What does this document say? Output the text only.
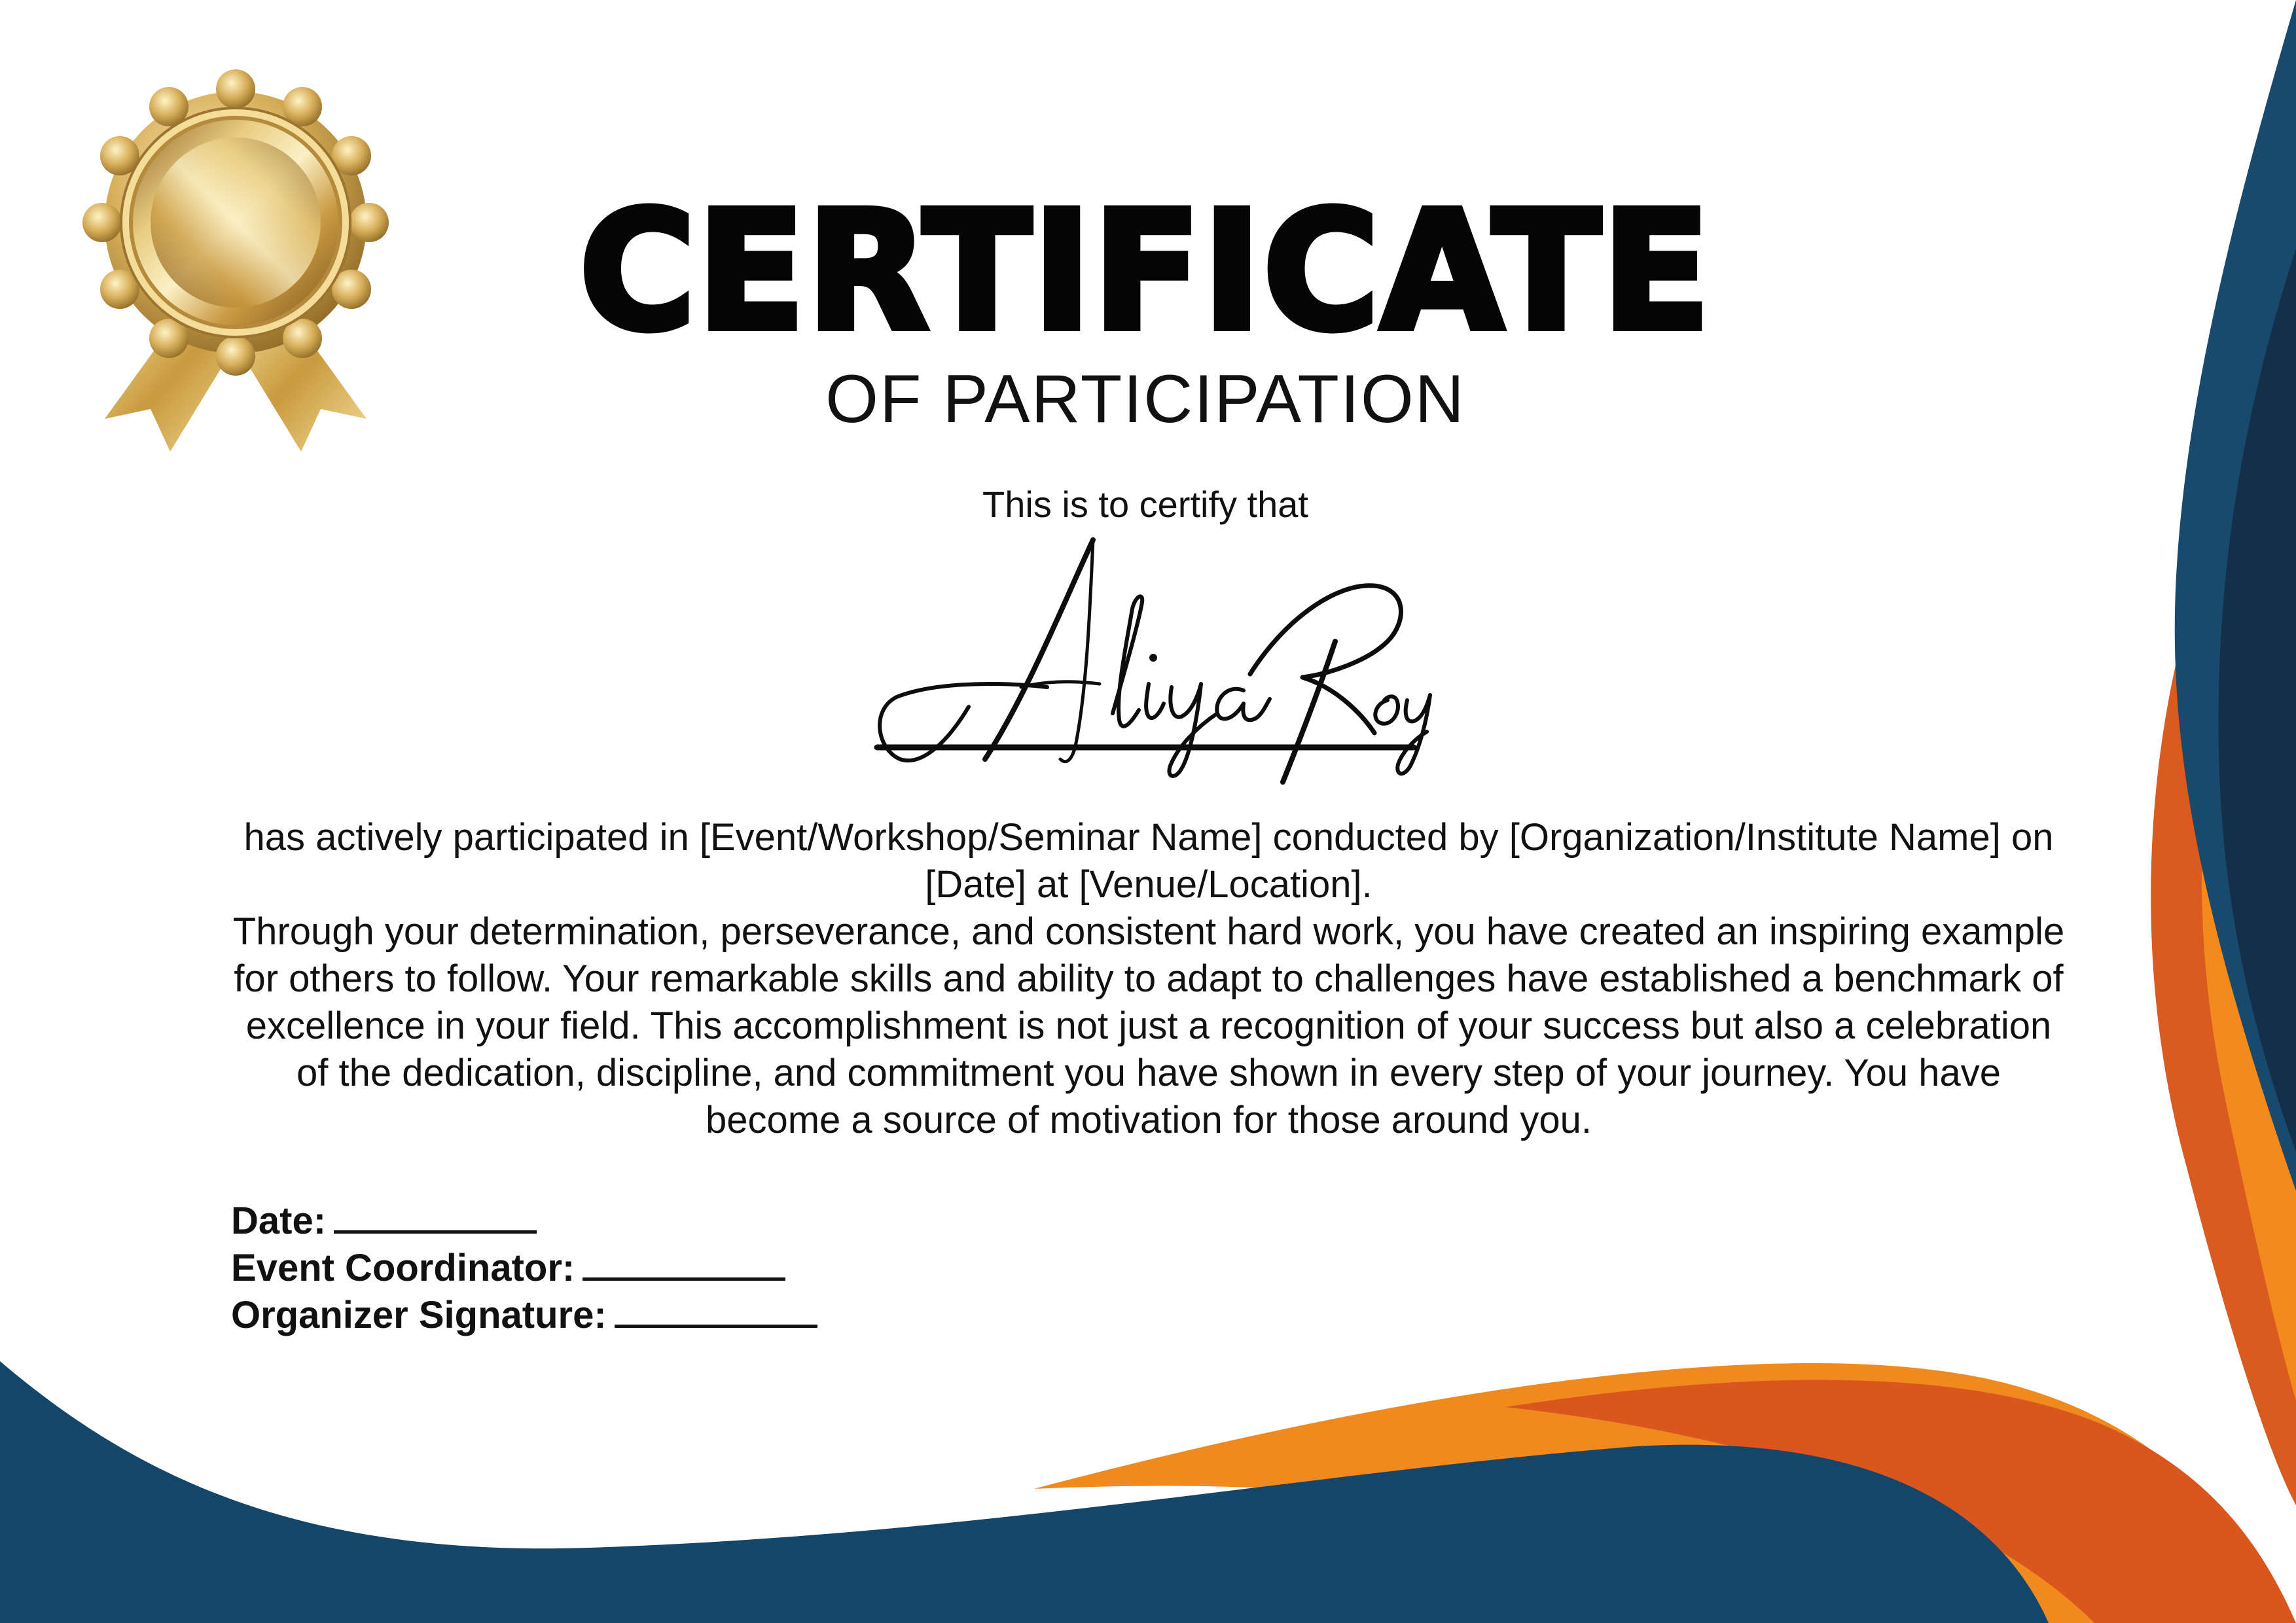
CERTIFICATE
OF PARTICIPATION
This is to certify that

has actively participated in [Event/Workshop/Seminar Name] conducted by [Organization/Institute Name] on [Date] at [Venue/Location].

Through your determination, perseverance, and consistent hard work, you have created an inspiring example for others to follow. Your remarkable skills and ability to adapt to challenges have established a benchmark of excellence in your field. This accomplishment is not just a recognition of your success but also a celebration of the dedication, discipline, and commitment you have shown in every step of your journey. You have become a source of motivation for those around you.

Date:
Event Coordinator:
Organizer Signature:
